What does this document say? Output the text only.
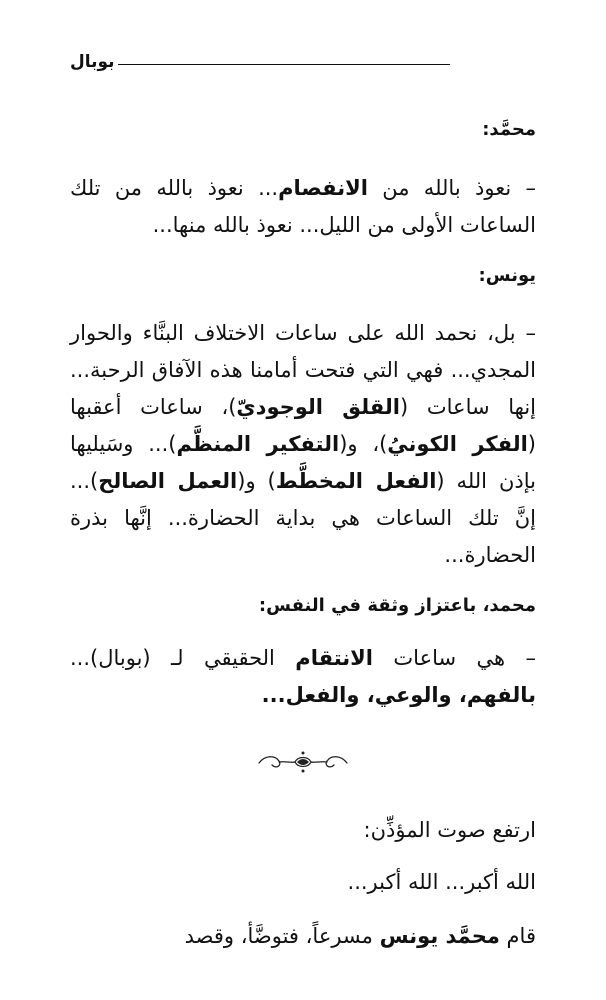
بوبال
محمَّد:
– نعوذ بالله من الانفصام... نعوذ بالله من تلك الساعات الأولى من الليل... نعوذ بالله منها...
يونس:
– بل، نحمد الله على ساعات الاختلاف البنَّاء والحوار المجدي... فهي التي فتحت أمامنا هذه الآفاق الرحبة... إنها ساعات (القلق الوجوديّ)، ساعات أعقبها (الفكر الكونيُ)، و(التفكير المنظَّم)... وسَيليها بإذن الله (الفعل المخطَّط) و(العمل الصالح)... إنَّ تلك الساعات هي بداية الحضارة... إنَّها بذرة الحضارة...
محمد، باعتزاز وثقة في النفس:
– هي ساعات الانتقام الحقيقي لـ (بوبال)... بالفهم، والوعي، والفعل...
ارتفع صوت المؤذِّن:
الله أكبر... الله أكبر...
قام محمَّد يونس مسرعاً، فتوضَّأ، وقصد
